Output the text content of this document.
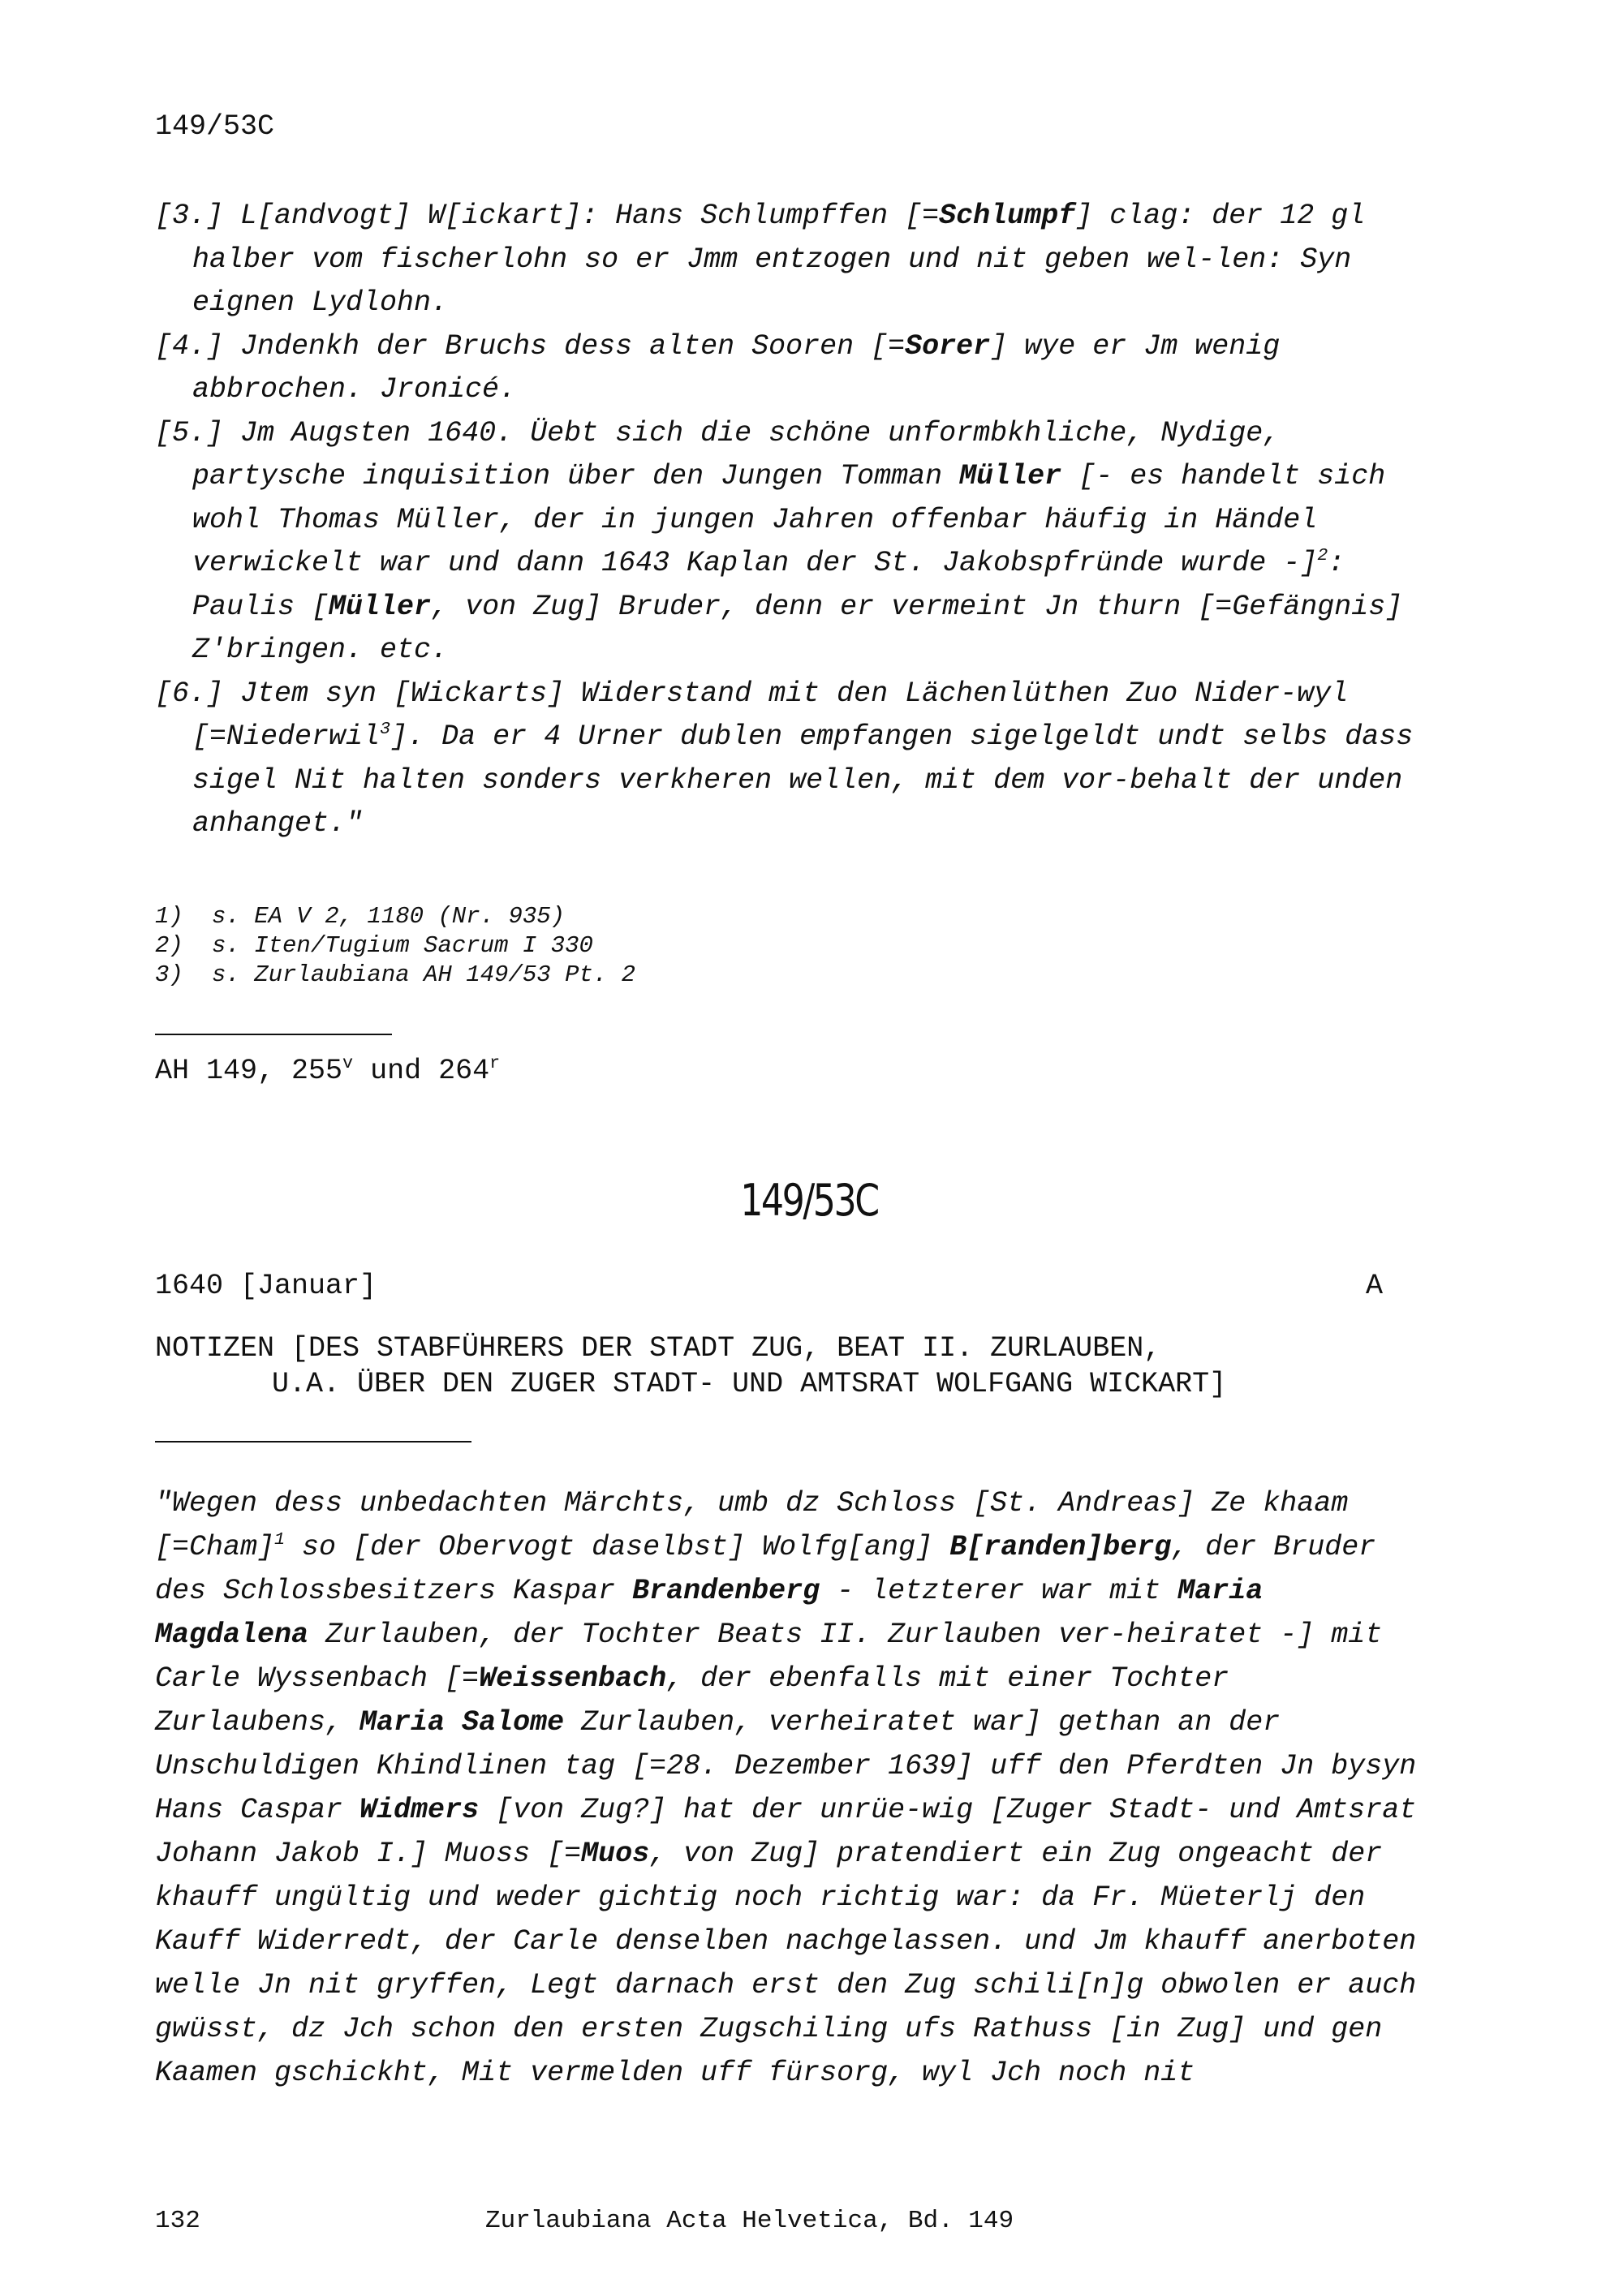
149/53C

[3.] L[andvogt] W[ickart]: Hans Schlumpffen [=Schlumpf] clag: der 12 gl halber vom fischerlohn so er Jmm entzogen und nit geben wel-len: Syn eignen Lydlohn.

[4.] Jndenkh der Bruchs dess alten Sooren [=Sorer] wye er Jm wenig abbrochen. Jronicé.

[5.] Jm Augsten 1640. Üebt sich die schöne unformbkhliche, Nydige, partysche inquisition über den Jungen Tomman Müller [- es handelt sich wohl Thomas Müller, der in jungen Jahren offenbar häufig in Händel verwickelt war und dann 1643 Kaplan der St. Jakobspfründe wurde -]$^2$: Paulis [Müller, von Zug] Bruder, denn er vermeint Jn thurn [=Gefängnis] Z'bringen. etc.

[6.] Jtem syn [Wickarts] Widerstand mit den Lächenlüthen Zuo Nider-wyl [=Niederwil$^3$]. Da er 4 Urner dublen empfangen sigelgeldt undt selbs dass sigel Nit halten sonders verkheren wellen, mit dem vor-behalt der unden anhanget."

1)	s. EA V 2, 1180 (Nr. 935)
2)	s. Iten/Tugium Sacrum I 330
3)	s. Zurlaubiana AH 149/53 Pt. 2
AH 149, 255$^v$ und 264$^r$
149/53C
1640 [Januar]	A
NOTIZEN [DES STABFÜHRERS DER STADT ZUG, BEAT II. ZURLAUBEN,
U.A. ÜBER DEN ZUGER STADT- UND AMTSRAT WOLFGANG WICKART]

"Wegen dess unbedachten Märchts, umb dz Schloss [St. Andreas] Ze khaam [=Cham]$^1$ so [der Obervogt daselbst] Wolfg[ang] B[randen]berg, der Bruder des Schlossbesitzers Kaspar Brandenberg - letzterer war mit Maria Magdalena Zurlauben, der Tochter Beats II. Zurlauben ver-heiratet -] mit Carle Wyssenbach [=Weissenbach, der ebenfalls mit einer Tochter Zurlaubens, Maria Salome Zurlauben, verheiratet war] gethan an der Unschuldigen Khindlinen tag [=28. Dezember 1639] uff den Pferdten Jn bysyn Hans Caspar Widmers [von Zug?] hat der unrüe-wig [Zuger Stadt- und Amtsrat Johann Jakob I.] Muoss [=Muos, von Zug] pratendiert ein Zug ongeacht der khauff ungültig und weder gichtig noch richtig war: da Fr. Müeterlj den Kauff Widerredt, der Carle denselben nachgelassen. und Jm khauff anerboten welle Jn nit gryffen, Legt darnach erst den Zug schili[n]g obwolen er auch gwüsst, dz Jch schon den ersten Zugschiling ufs Rathuss [in Zug] und gen Kaamen gschickht, Mit vermelden uff fürsorg, wyl Jch noch nit

132	Zurlaubiana Acta Helvetica, Bd. 149
